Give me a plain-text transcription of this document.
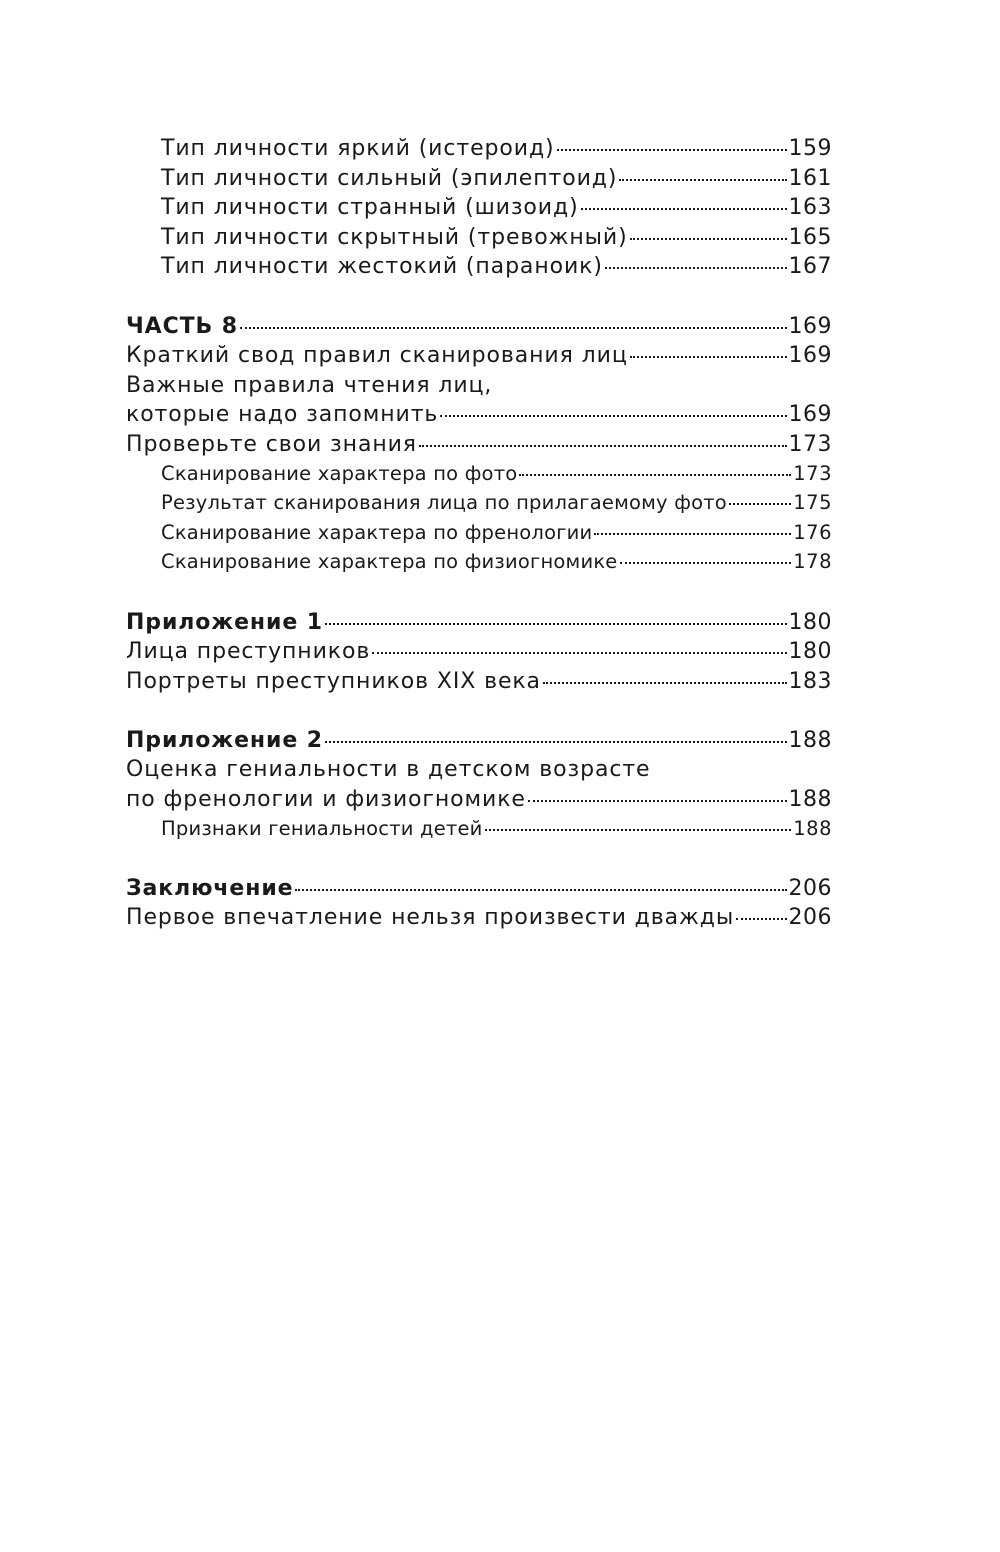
Тип личности яркий (истероид)	159
Тип личности сильный (эпилептоид)	161
Тип личности странный (шизоид)	163
Тип личности скрытный (тревожный)	165
Тип личности жестокий (параноик)	167
ЧАСТЬ 8	169
Краткий свод правил сканирования лиц	169
Важные правила чтения лиц,
которые надо запомнить	169
Проверьте свои знания	173
Сканирование характера по фото	173
Результат сканирования лица по прилагаемому фото	175
Сканирование характера по френологии	176
Сканирование характера по физиогномике	178
Приложение 1	180
Лица преступников	180
Портреты преступников XIX века	183
Приложение 2	188
Оценка гениальности в детском возрасте
по френологии и физиогномике	188
Признаки гениальности детей	188
Заключение	206
Первое впечатление нельзя произвести дважды 206
